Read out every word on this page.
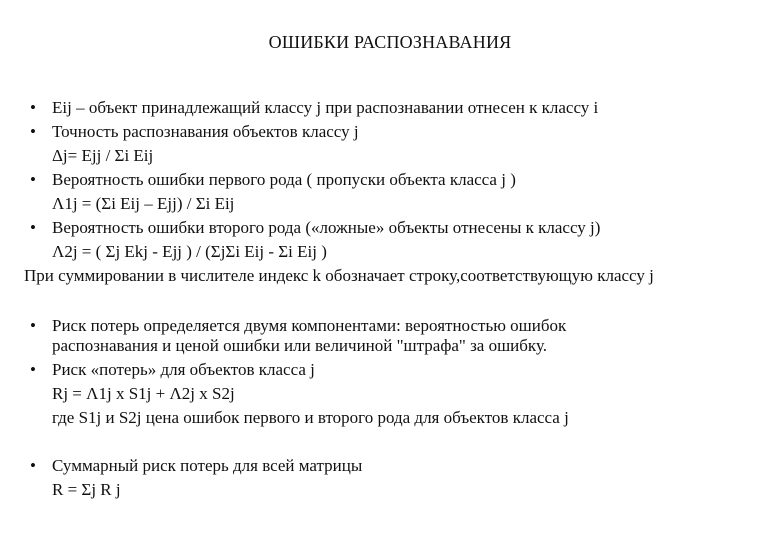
ОШИБКИ РАСПОЗНАВАНИЯ
• Eij – объект принадлежащий классу j при распознавании отнесен к классу i
• Точность распознавания объектов классу j
Δj= Ejj / Σi Eij
• Вероятность ошибки первого рода ( пропуски объекта класса j )
Λ1j = (Σi Eij – Ejj) / Σi Eij
• Вероятность ошибки второго рода («ложные» объекты отнесены к классу j)
Λ2j = ( Σj Ekj - Ejj ) / (ΣjΣi Eij - Σi Eij )
При суммировании в числителе индекс k обозначает строку,соответствующую классу j
• Риск потерь определяется двумя компонентами: вероятностью ошибок
распознавания и ценой ошибки или величиной "штрафа" за ошибку.
• Риск «потерь» для объектов класса j
Rj = Λ1j x S1j + Λ2j x S2j
где S1j и S2j цена ошибок первого и второго рода для объектов класса j
• Суммарный риск потерь для всей матрицы
R = Σj R j
